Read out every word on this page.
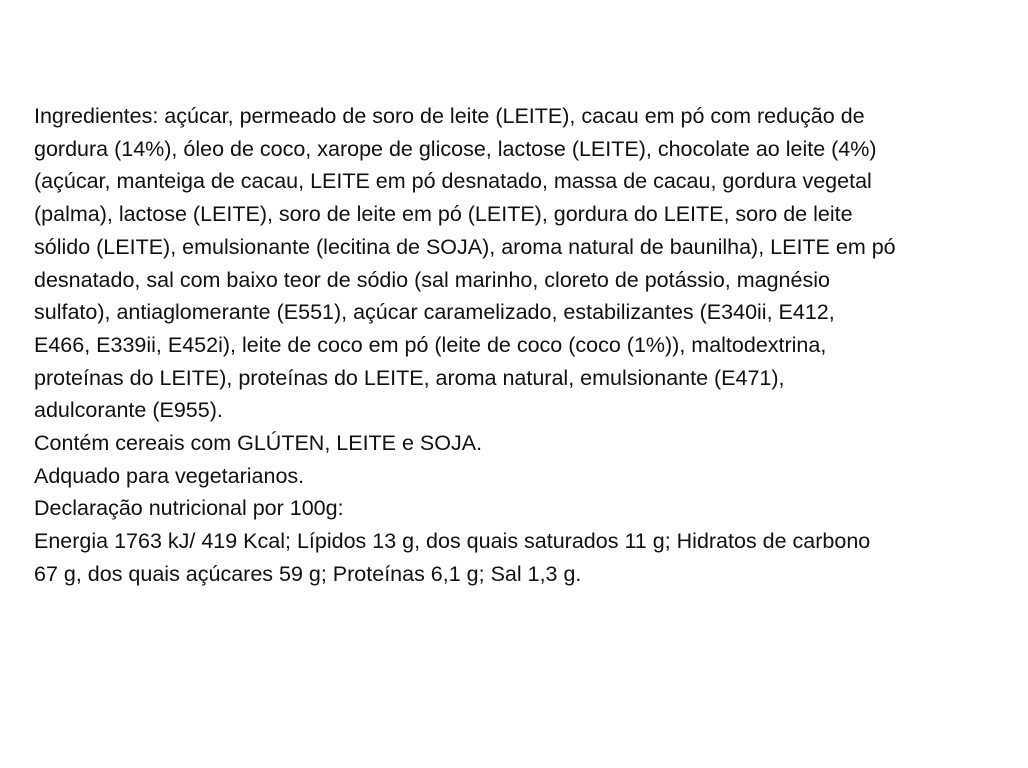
Ingredientes: açúcar, permeado de soro de leite (LEITE), cacau em pó com redução de
gordura (14%), óleo de coco, xarope de glicose, lactose (LEITE), chocolate ao leite (4%)
(açúcar, manteiga de cacau, LEITE em pó desnatado, massa de cacau, gordura vegetal
(palma), lactose (LEITE), soro de leite em pó (LEITE), gordura do LEITE, soro de leite
sólido (LEITE), emulsionante (lecitina de SOJA), aroma natural de baunilha), LEITE em pó
desnatado, sal com baixo teor de sódio (sal marinho, cloreto de potássio, magnésio
sulfato), antiaglomerante (E551), açúcar caramelizado, estabilizantes (E340ii, E412,
E466, E339ii, E452i), leite de coco em pó (leite de coco (coco (1%)), maltodextrina,
proteínas do LEITE), proteínas do LEITE, aroma natural, emulsionante (E471),
adulcorante (E955).
Contém cereais com GLÚTEN, LEITE e SOJA.
Adquado para vegetarianos.
Declaração nutricional por 100g:
Energia 1763 kJ/ 419 Kcal; Lípidos 13 g, dos quais saturados 11 g; Hidratos de carbono
67 g, dos quais açúcares 59 g; Proteínas 6,1 g; Sal 1,3 g.
